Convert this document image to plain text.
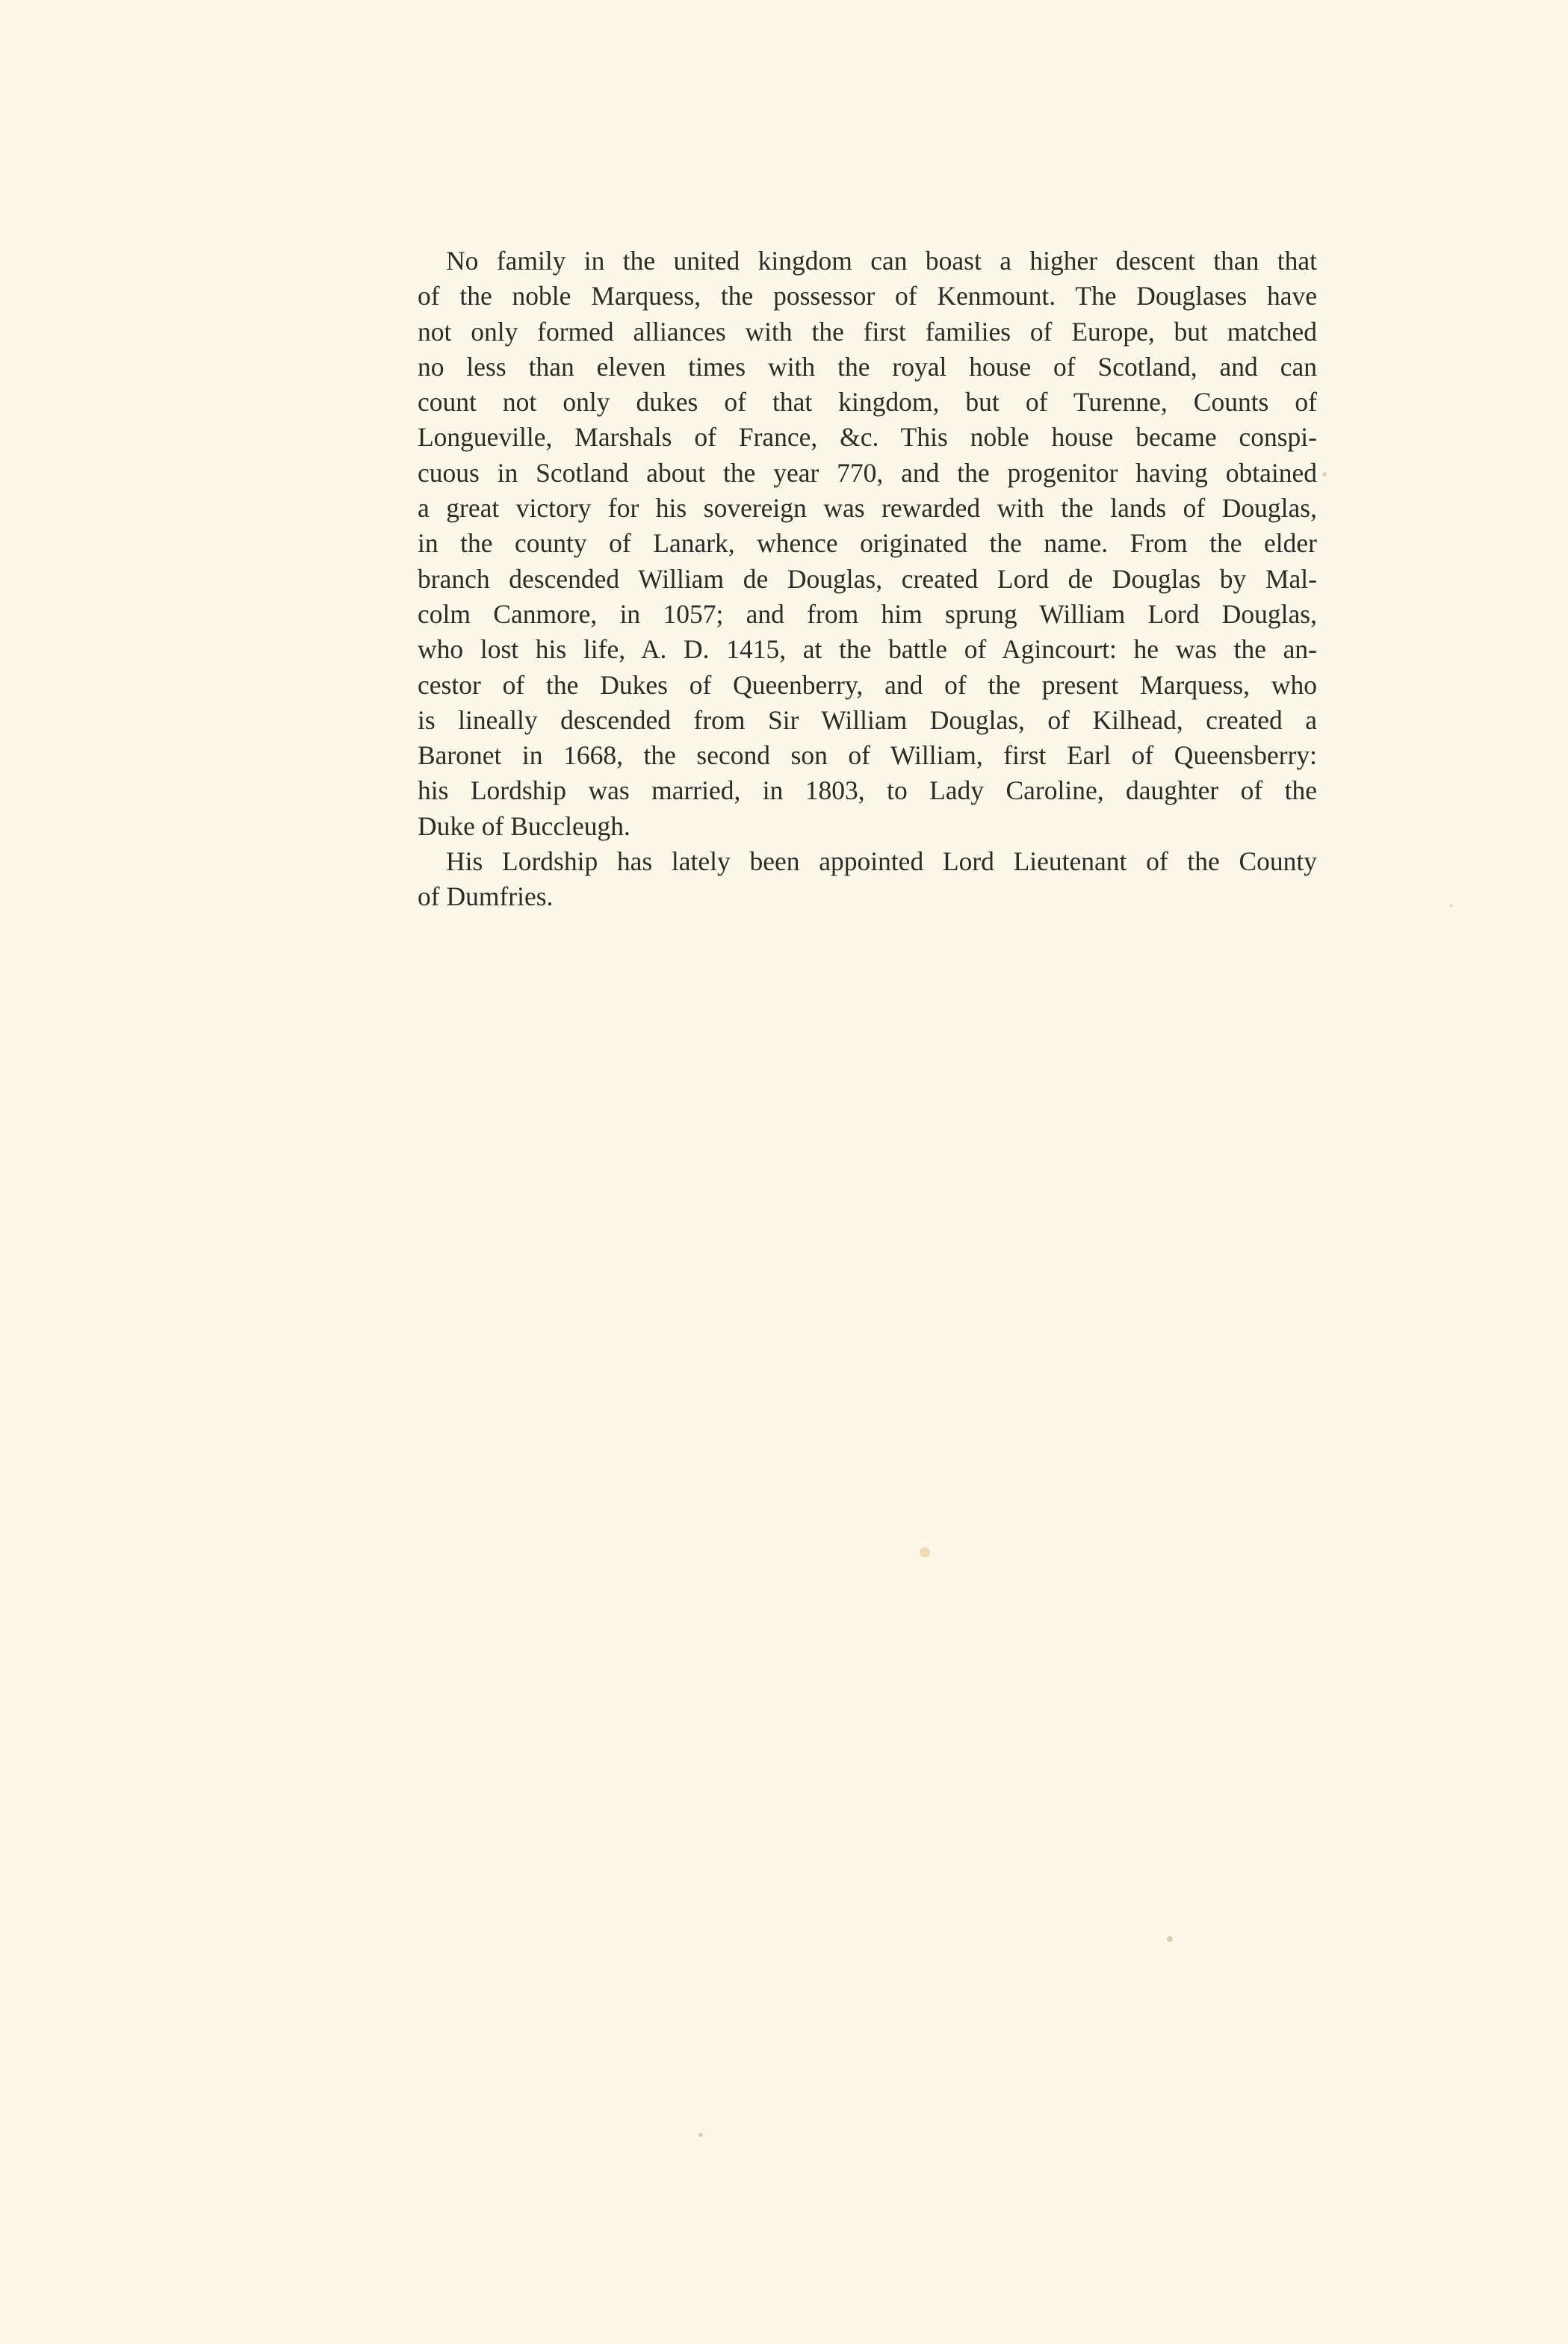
No family in the united kingdom can boast a higher descent than that
of the noble Marquess, the possessor of Kenmount. The Douglases have
not only formed alliances with the first families of Europe, but matched
no less than eleven times with the royal house of Scotland, and can
count not only dukes of that kingdom, but of Turenne, Counts of
Longueville, Marshals of France, &c. This noble house became conspi-
cuous in Scotland about the year 770, and the progenitor having obtained
a great victory for his sovereign was rewarded with the lands of Douglas,
in the county of Lanark, whence originated the name. From the elder
branch descended William de Douglas, created Lord de Douglas by Mal-
colm Canmore, in 1057; and from him sprung William Lord Douglas,
who lost his life, A. D. 1415, at the battle of Agincourt: he was the an-
cestor of the Dukes of Queenberry, and of the present Marquess, who
is lineally descended from Sir William Douglas, of Kilhead, created a
Baronet in 1668, the second son of William, first Earl of Queensberry:
his Lordship was married, in 1803, to Lady Caroline, daughter of the
Duke of Buccleugh.
His Lordship has lately been appointed Lord Lieutenant of the County
of Dumfries.
